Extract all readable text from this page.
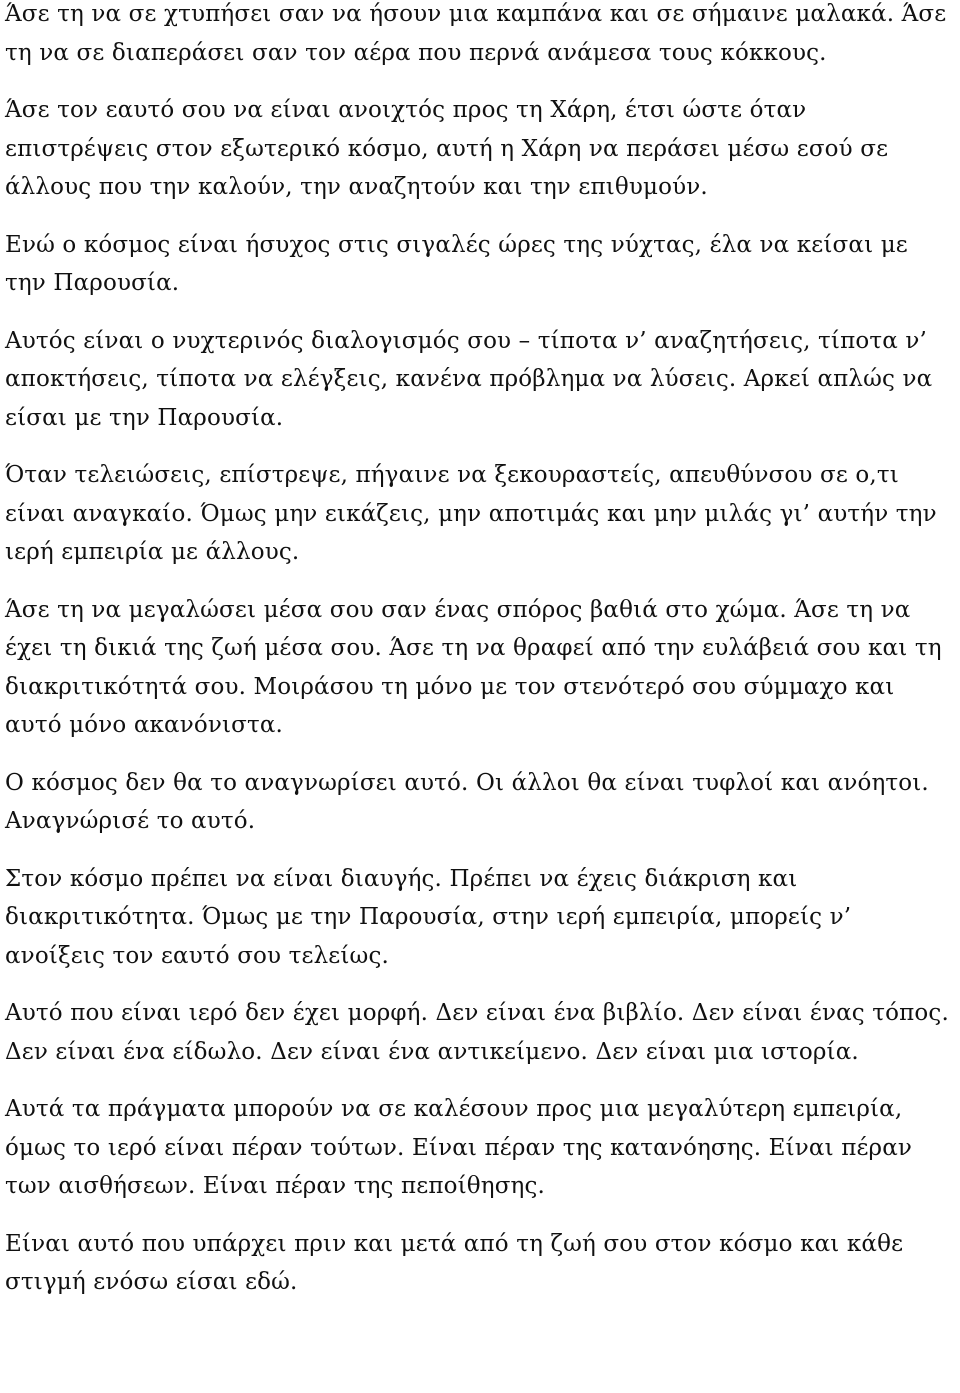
Άσε τη να σε χτυπήσει σαν να ήσουν μια καμπάνα και σε σήμαινε μαλακά. Άσε τη να σε διαπεράσει σαν τον αέρα που περνά ανάμεσα τους κόκκους.

Άσε τον εαυτό σου να είναι ανοιχτός προς τη Χάρη, έτσι ώστε όταν επιστρέψεις στον εξωτερικό κόσμο, αυτή η Χάρη να περάσει μέσω εσού σε άλλους που την καλούν, την αναζητούν και την επιθυμούν.

Ενώ ο κόσμος είναι ήσυχος στις σιγαλές ώρες της νύχτας, έλα να κείσαι με την Παρουσία.

Αυτός είναι ο νυχτερινός διαλογισμός σου – τίποτα ν’ αναζητήσεις, τίποτα ν’ αποκτήσεις, τίποτα να ελέγξεις, κανένα πρόβλημα να λύσεις. Αρκεί απλώς να είσαι με την Παρουσία.

Όταν τελειώσεις, επίστρεψε, πήγαινε να ξεκουραστείς, απευθύνσου σε ο,τι είναι αναγκαίο. Όμως μην εικάζεις, μην αποτιμάς και μην μιλάς γι’ αυτήν την ιερή εμπειρία με άλλους.

Άσε τη να μεγαλώσει μέσα σου σαν ένας σπόρος βαθιά στο χώμα. Άσε τη να έχει τη δικιά της ζωή μέσα σου. Άσε τη να θραφεί από την ευλάβειά σου και τη διακριτικότητά σου. Μοιράσου τη μόνο με τον στενότερό σου σύμμαχο και αυτό μόνο ακανόνιστα.

Ο κόσμος δεν θα το αναγνωρίσει αυτό. Οι άλλοι θα είναι τυφλοί και ανόητοι. Αναγνώρισέ το αυτό.

Στον κόσμο πρέπει να είναι διαυγής. Πρέπει να έχεις διάκριση και διακριτικότητα. Όμως με την Παρουσία, στην ιερή εμπειρία, μπορείς ν’ ανοίξεις τον εαυτό σου τελείως.

Αυτό που είναι ιερό δεν έχει μορφή. Δεν είναι ένα βιβλίο. Δεν είναι ένας τόπος. Δεν είναι ένα είδωλο. Δεν είναι ένα αντικείμενο. Δεν είναι μια ιστορία.

Αυτά τα πράγματα μπορούν να σε καλέσουν προς μια μεγαλύτερη εμπειρία, όμως το ιερό είναι πέραν τούτων. Είναι πέραν της κατανόησης. Είναι πέραν των αισθήσεων. Είναι πέραν της πεποίθησης.

Είναι αυτό που υπάρχει πριν και μετά από τη ζωή σου στον κόσμο και κάθε στιγμή ενόσω είσαι εδώ.
